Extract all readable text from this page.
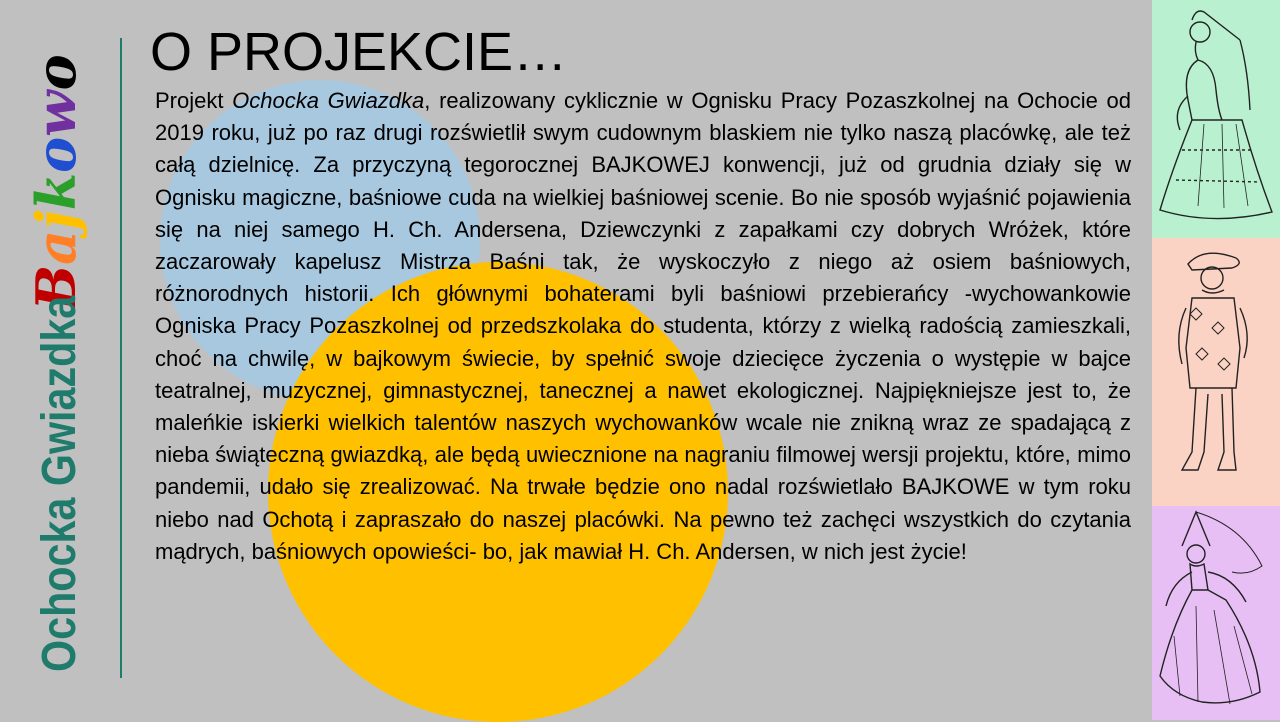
Ochocka GwiazdkaBajkowo O PROJEKCIE…

Projekt Ochocka Gwiazdka, realizowany cyklicznie w Ognisku Pracy Pozaszkolnej na Ochocie od 2019 roku, już po raz drugi rozświetlił swym cudownym blaskiem nie tylko naszą placówkę, ale też całą dzielnicę. Za przyczyną tegorocznej BAJKOWEJ konwencji, już od grudnia działy się w Ognisku magiczne, baśniowe cuda na wielkiej baśniowej scenie. Bo nie sposób wyjaśnić pojawienia się na niej samego H. Ch. Andersena, Dziewczynki z zapałkami czy dobrych Wróżek, które zaczarowały kapelusz Mistrza Baśni tak, że wyskoczyło z niego aż osiem baśniowych, różnorodnych historii. Ich głównymi bohaterami byli baśniowi przebierańcy -wychowankowie Ogniska Pracy Pozaszkolnej od przedszkolaka do studenta, którzy z wielką radością zamieszkali, choć na chwilę, w bajkowym świecie, by spełnić swoje dziecięce życzenia o występie w bajce teatralnej, muzycznej, gimnastycznej, tanecznej a nawet ekologicznej. Najpiękniejsze jest to, że maleńkie iskierki wielkich talentów naszych wychowanków wcale nie znikną wraz ze spadającą z nieba świąteczną gwiazdką, ale będą uwiecznione na nagraniu filmowej wersji projektu, które, mimo pandemii, udało się zrealizować. Na trwałe będzie ono nadal rozświetlało BAJKOWE w tym roku niebo nad Ochotą i zapraszało do naszej placówki. Na pewno też zachęci wszystkich do czytania mądrych, baśniowych opowieści- bo, jak mawiał H. Ch. Andersen, w nich jest życie!
